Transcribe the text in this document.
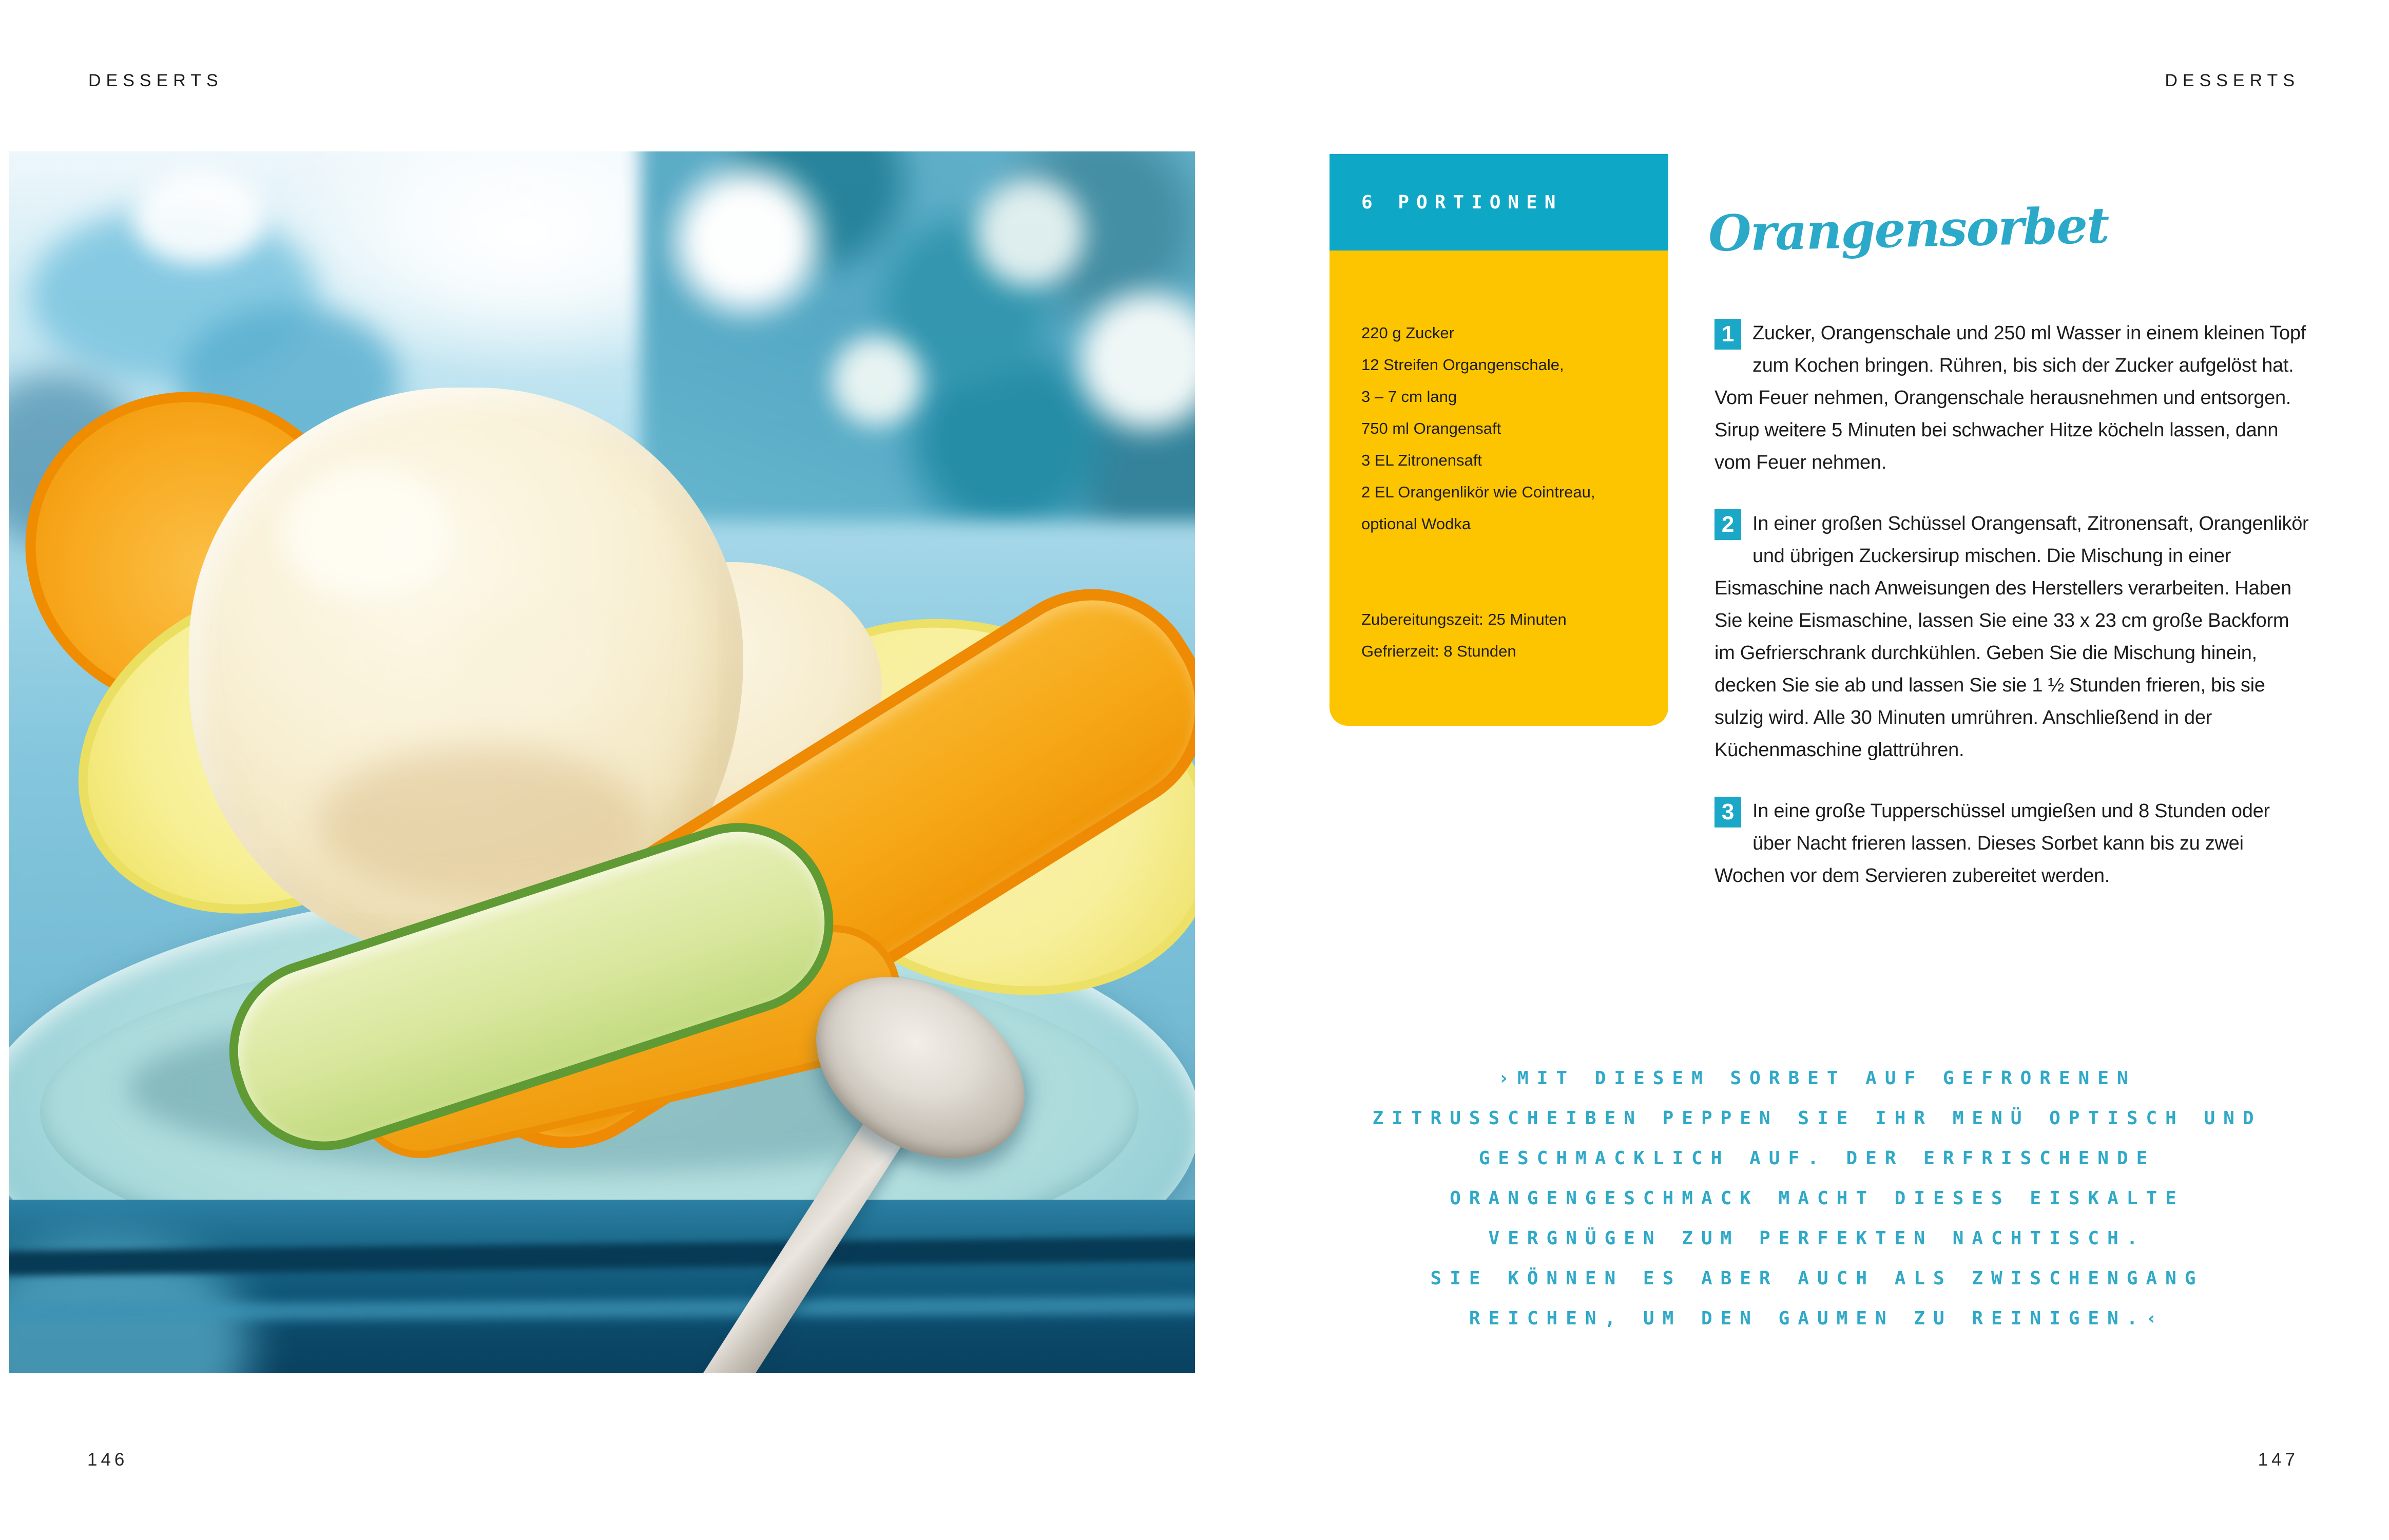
DESSERTS	DESSERTS
6 PORTIONEN
220 g Zucker
12 Streifen Organgenschale,
3 – 7 cm lang
750 ml Orangensaft
3 EL Zitronensaft
2 EL Orangenlikör wie Cointreau,
optional Wodka
Zubereitungszeit: 25 Minuten
Gefrierzeit: 8 Stunden
Orangensorbet
1 Zucker, Orangenschale und 250 ml Wasser in einem kleinen Topf zum Kochen bringen. Rühren, bis sich der Zucker aufgelöst hat. Vom Feuer nehmen, Orangenschale herausnehmen und entsorgen. Sirup weitere 5 Minuten bei schwacher Hitze köcheln lassen, dann vom Feuer nehmen.
2 In einer großen Schüssel Orangensaft, Zitronensaft, Orangenlikör und übrigen Zuckersirup mischen. Die Mischung in einer Eismaschine nach Anweisungen des Herstellers verarbeiten. Haben Sie keine Eismaschine, lassen Sie eine 33 x 23 cm große Backform im Gefrierschrank durchkühlen. Geben Sie die Mischung hinein, decken Sie sie ab und lassen Sie sie 1 ½ Stunden frieren, bis sie sulzig wird. Alle 30 Minuten umrühren. Anschließend in der Küchenmaschine glattrühren.
3 In eine große Tupperschüssel umgießen und 8 Stunden oder über Nacht frieren lassen. Dieses Sorbet kann bis zu zwei Wochen vor dem Servieren zubereitet werden.
›MIT DIESEM SORBET AUF GEFRORENEN
ZITRUSSCHEIBEN PEPPEN SIE IHR MENÜ OPTISCH UND
GESCHMACKLICH AUF. DER ERFRISCHENDE
ORANGENGESCHMACK MACHT DIESES EISKALTE
VERGNÜGEN ZUM PERFEKTEN NACHTISCH.
SIE KÖNNEN ES ABER AUCH ALS ZWISCHENGANG
REICHEN, UM DEN GAUMEN ZU REINIGEN.‹
146	147
